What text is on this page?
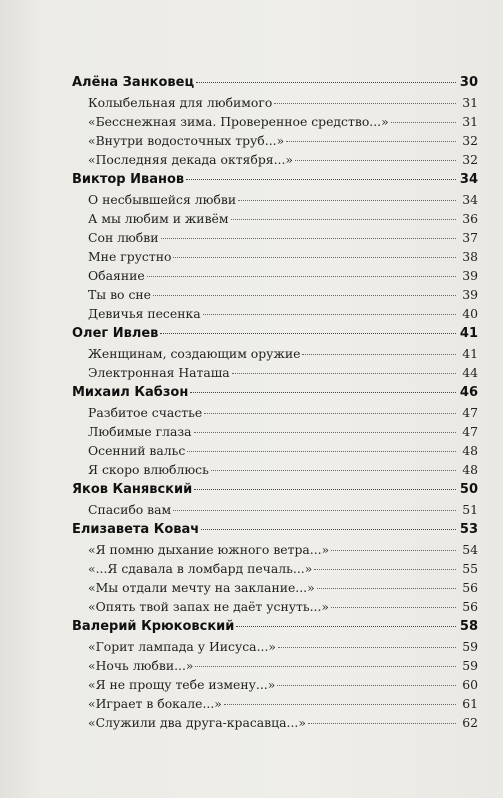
Алёна Занковец	30
Колыбельная для любимого	31
«Бесснежная зима. Проверенное средство...»	31
«Внутри водосточных труб...»	32
«Последняя декада октября...»	32
Виктор Иванов	34
О несбывшейся любви	34
А мы любим и живём	36
Сон любви	37
Мне грустно	38
Обаяние	39
Ты во сне	39
Девичья песенка	40
Олег Ивлев	41
Женщинам, создающим оружие	41
Электронная Наташа	44
Михаил Кабзон	46
Разбитое счастье	47
Любимые глаза	47
Осенний вальс	48
Я скоро влюблюсь	48
Яков Канявский	50
Спасибо вам	51
Елизавета Ковач	53
«Я помню дыхание южного ветра...»	54
«...Я сдавала в ломбард печаль...»	55
«Мы отдали мечту на заклание...»	56
«Опять твой запах не даёт уснуть...»	56
Валерий Крюковский	58
«Горит лампада у Иисуса...»	59
«Ночь любви...»	59
«Я не прощу тебе измену...»	60
«Играет в бокале...»	61
«Служили два друга-красавца...»	62
